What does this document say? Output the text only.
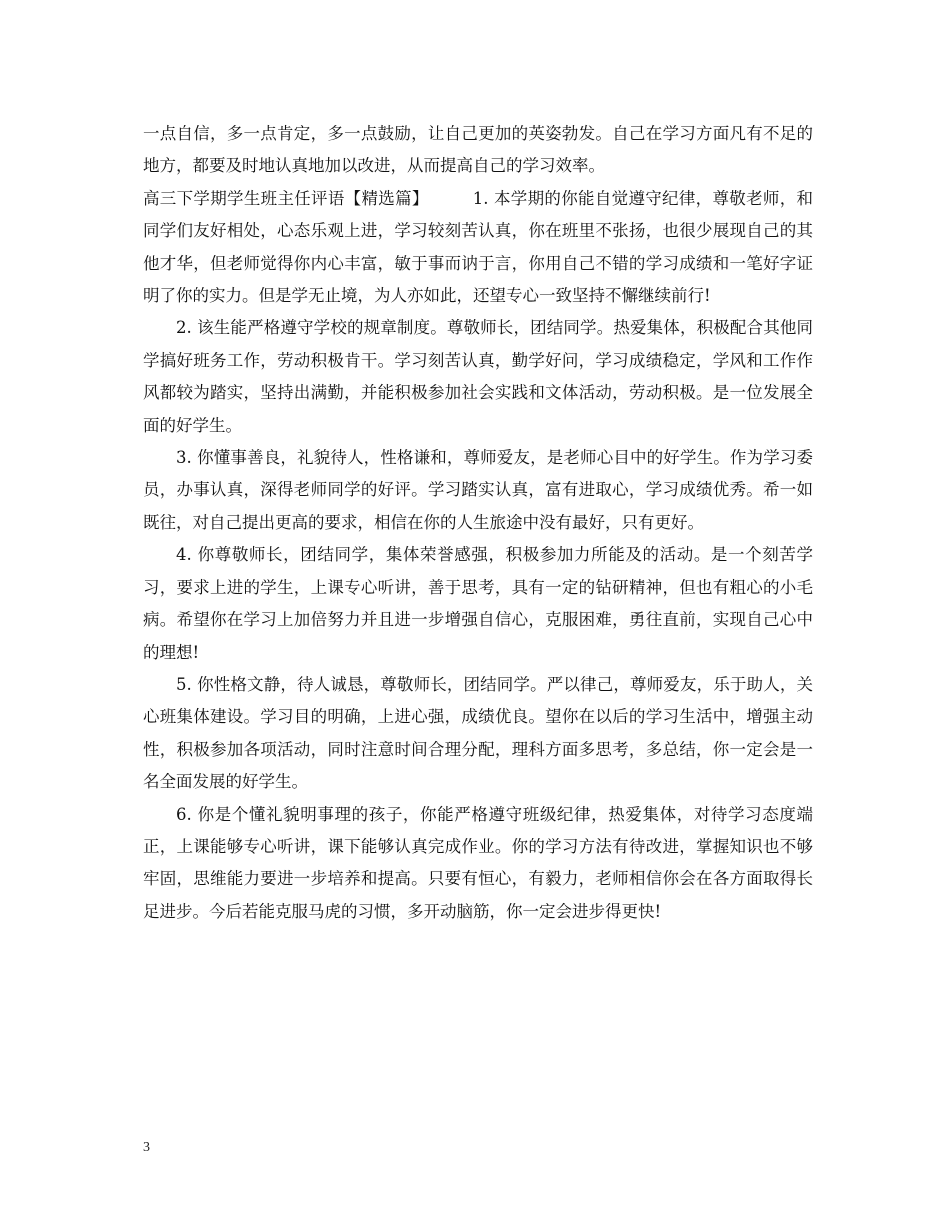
一点自信，多一点肯定，多一点鼓励，让自己更加的英姿勃发。自己在学习方面凡有不足的地方，都要及时地认真地加以改进，从而提高自己的学习效率。

高三下学期学生班主任评语【精选篇】	1. 本学期的你能自觉遵守纪律，尊敬老师，和同学们友好相处，心态乐观上进，学习较刻苦认真，你在班里不张扬，也很少展现自己的其他才华，但老师觉得你内心丰富，敏于事而讷于言，你用自己不错的学习成绩和一笔好字证明了你的实力。但是学无止境，为人亦如此，还望专心一致坚持不懈继续前行!

2. 该生能严格遵守学校的规章制度。尊敬师长，团结同学。热爱集体，积极配合其他同学搞好班务工作，劳动积极肯干。学习刻苦认真，勤学好问，学习成绩稳定，学风和工作作风都较为踏实，坚持出满勤，并能积极参加社会实践和文体活动，劳动积极。是一位发展全面的好学生。

3. 你懂事善良，礼貌待人，性格谦和，尊师爱友，是老师心目中的好学生。作为学习委员，办事认真，深得老师同学的好评。学习踏实认真，富有进取心，学习成绩优秀。希一如既往，对自己提出更高的要求，相信在你的人生旅途中没有最好，只有更好。

4. 你尊敬师长，团结同学，集体荣誉感强，积极参加力所能及的活动。是一个刻苦学习，要求上进的学生，上课专心听讲，善于思考，具有一定的钻研精神，但也有粗心的小毛病。希望你在学习上加倍努力并且进一步增强自信心，克服困难，勇往直前，实现自己心中的理想!

5. 你性格文静，待人诚恳，尊敬师长，团结同学。严以律己，尊师爱友，乐于助人，关心班集体建设。学习目的明确，上进心强，成绩优良。望你在以后的学习生活中，增强主动性，积极参加各项活动，同时注意时间合理分配，理科方面多思考，多总结，你一定会是一名全面发展的好学生。

6. 你是个懂礼貌明事理的孩子，你能严格遵守班级纪律，热爱集体，对待学习态度端正，上课能够专心听讲，课下能够认真完成作业。你的学习方法有待改进，掌握知识也不够牢固，思维能力要进一步培养和提高。只要有恒心，有毅力，老师相信你会在各方面取得长足进步。今后若能克服马虎的习惯，多开动脑筋，你一定会进步得更快!

3
